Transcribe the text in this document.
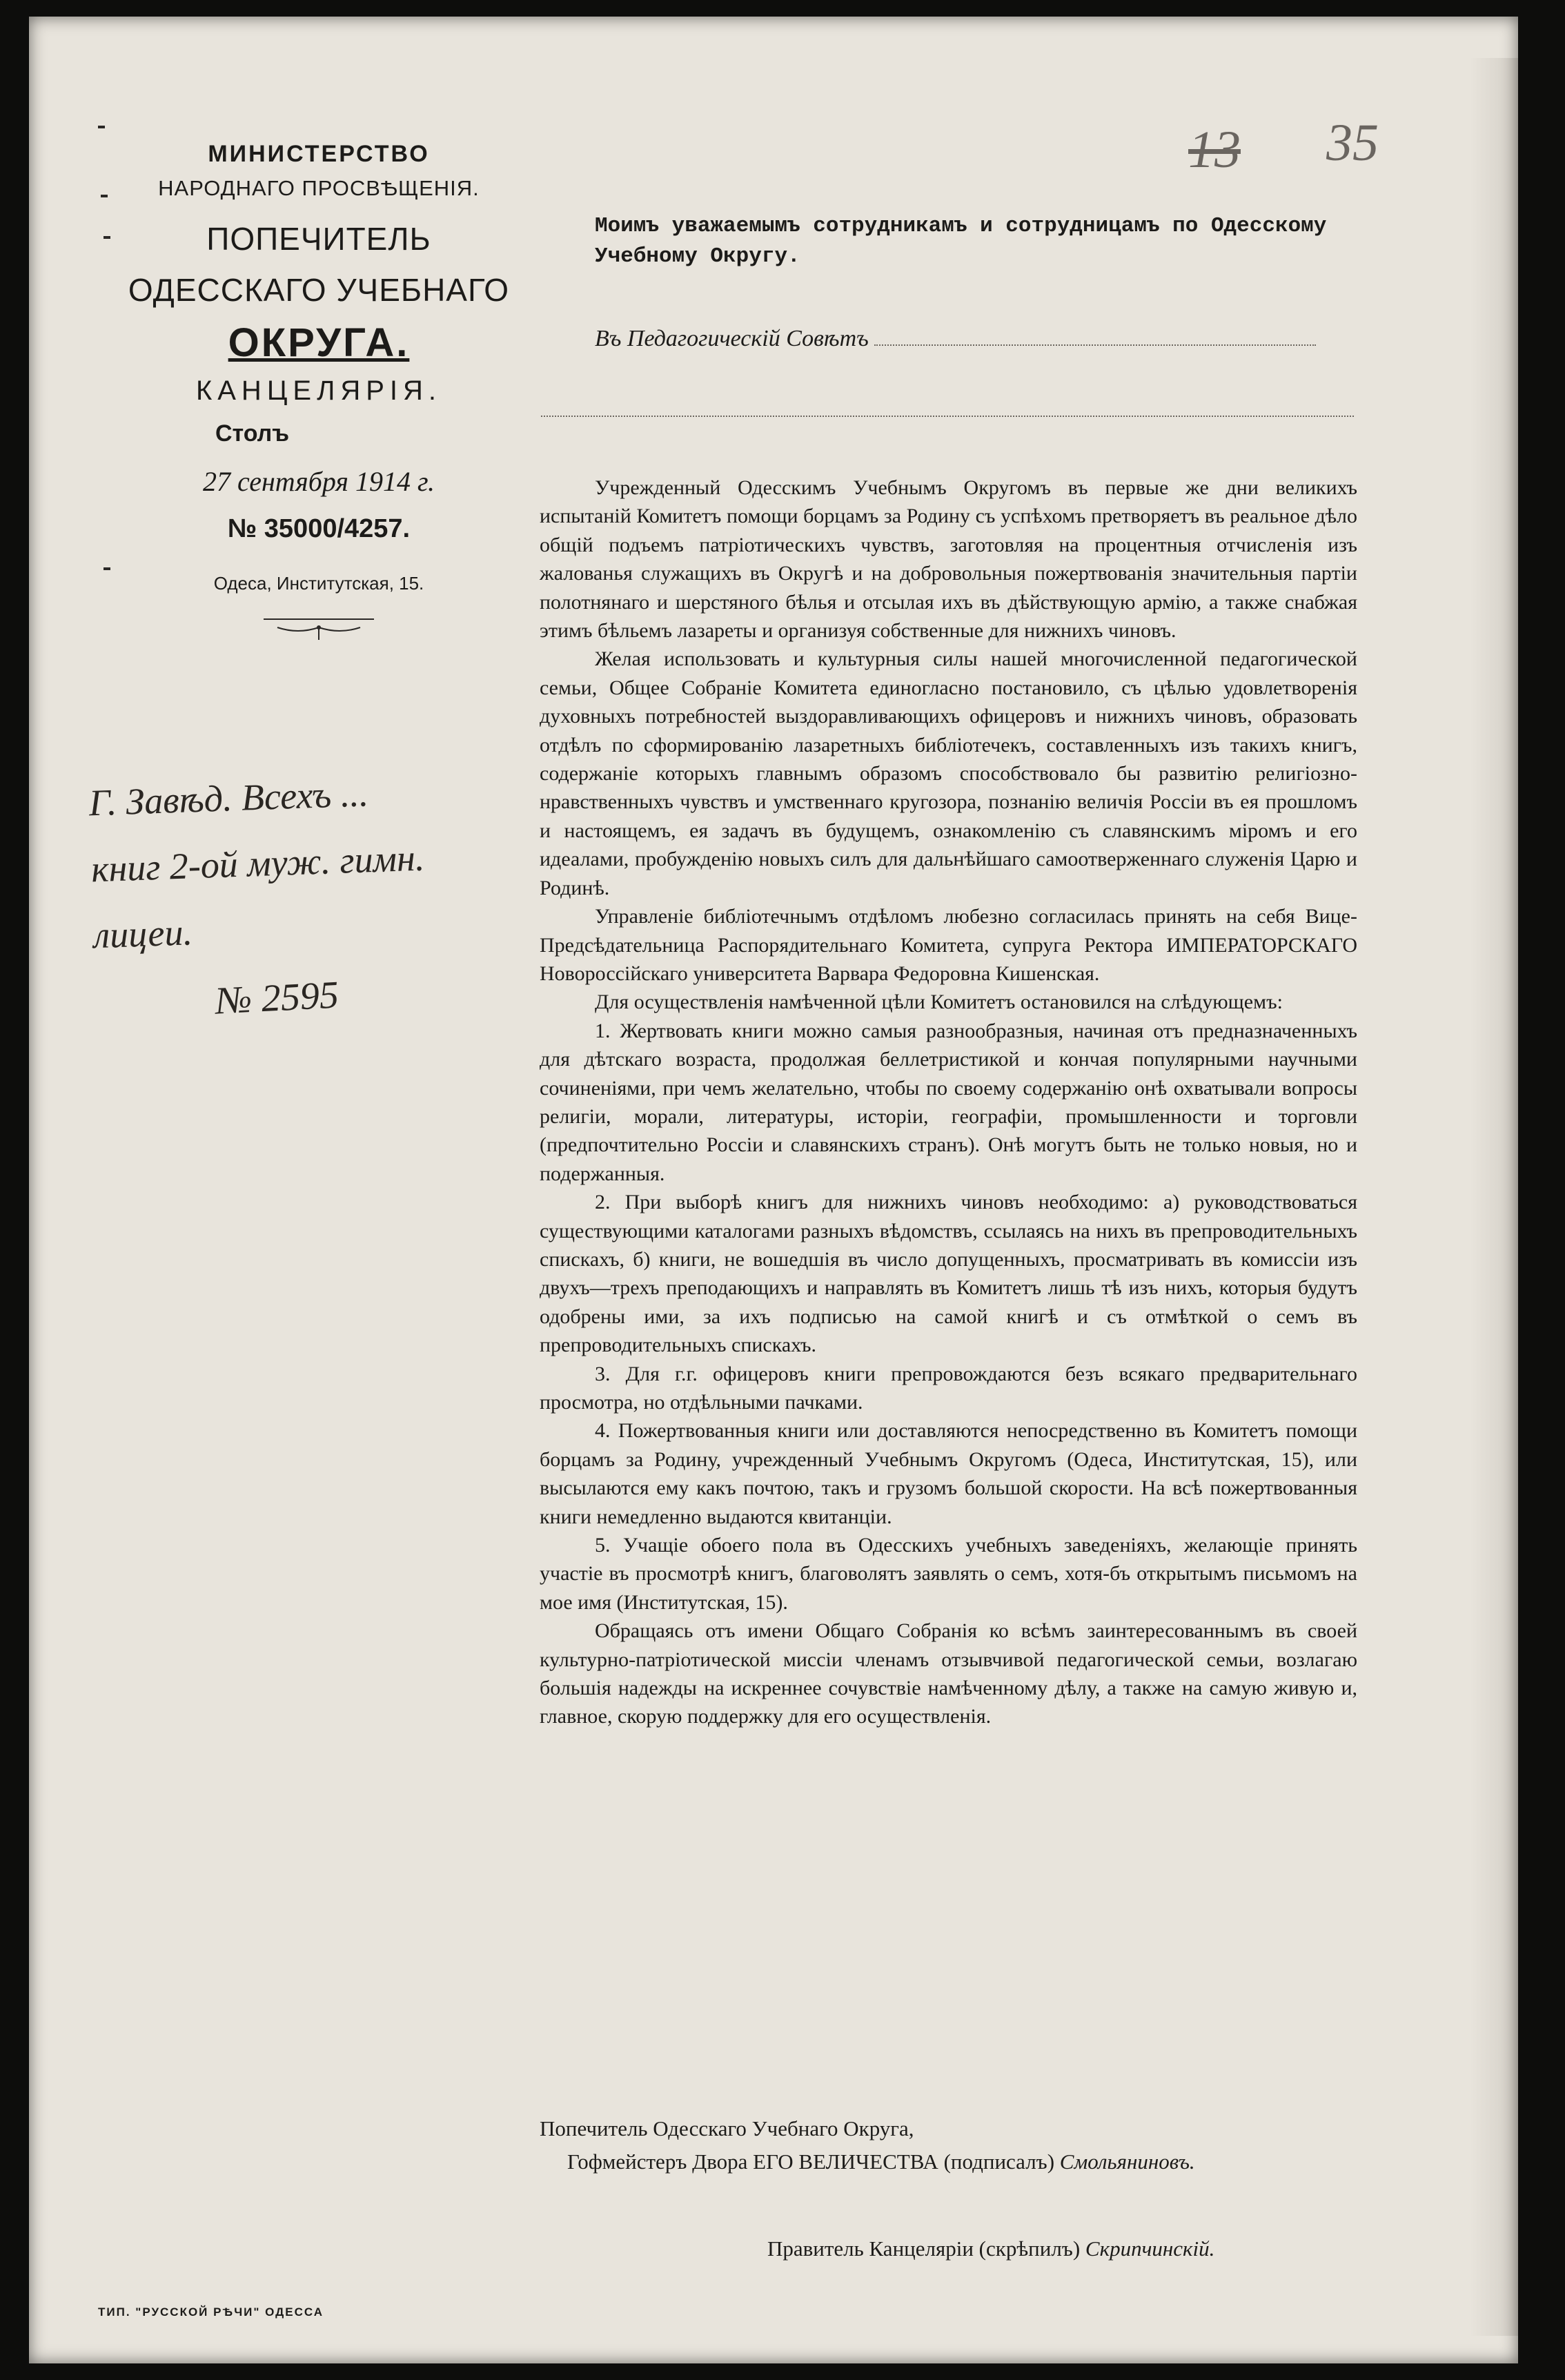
МИНИСТЕРСТВО
НАРОДНАГО ПРОСВѢЩЕНІЯ.
ПОПЕЧИТЕЛЬ
ОДЕССКАГО УЧЕБНАГО
ОКРУГА.
КАНЦЕЛЯРІЯ.
Столъ
27 сентября 1914 г.
№ 35000/4257.
Одеса, Институтская, 15.
Г. Завѣд. Всехъ ...
книг 2-ой муж. гимн.
лицеи.
№ 2595
13 35
Моимъ уважаемымъ сотрудникамъ и сотрудницамъ по Одесскому Учебному Округу.
Въ Педагогическій Совѣтъ

Учрежденный Одесскимъ Учебнымъ Округомъ въ первые же дни великихъ испытаній Комитетъ помощи борцамъ за Родину съ успѣхомъ претворяетъ въ реальное дѣло общій подъемъ патріотическихъ чувствъ, заготовляя на процентныя отчисленія изъ жалованья служащихъ въ Округѣ и на добровольныя пожертвованія значительныя партіи полотнянаго и шерстяного бѣлья и отсылая ихъ въ дѣйствующую армію, а также снабжая этимъ бѣльемъ лазареты и организуя собственные для нижнихъ чиновъ.

Желая использовать и культурныя силы нашей многочисленной педагогической семьи, Общее Собраніе Комитета единогласно постановило, съ цѣлью удовлетворенія духовныхъ потребностей выздоравливающихъ офицеровъ и нижнихъ чиновъ, образовать отдѣлъ по сформированію лазаретныхъ библіотечекъ, составленныхъ изъ такихъ книгъ, содержаніе которыхъ главнымъ образомъ способствовало бы развитію религіозно-нравственныхъ чувствъ и умственнаго кругозора, познанію величія Россіи въ ея прошломъ и настоящемъ, ея задачъ въ будущемъ, ознакомленію съ славянскимъ міромъ и его идеалами, пробужденію новыхъ силъ для дальнѣйшаго самоотверженнаго служенія Царю и Родинѣ.

Управленіе библіотечнымъ отдѣломъ любезно согласилась принять на себя Вице-Предсѣдательница Распорядительнаго Комитета, супруга Ректора ИМПЕРАТОРСКАГО Новороссійскаго университета Варвара Федоровна Кишенская.

Для осуществленія намѣченной цѣли Комитетъ остановился на слѣдующемъ:

1. Жертвовать книги можно самыя разнообразныя, начиная отъ предназначенныхъ для дѣтскаго возраста, продолжая беллетристикой и кончая популярными научными сочиненіями, при чемъ желательно, чтобы по своему содержанію онѣ охватывали вопросы религіи, морали, литературы, исторіи, географіи, промышленности и торговли (предпочтительно Россіи и славянскихъ странъ). Онѣ могутъ быть не только новыя, но и подержанныя.

2. При выборѣ книгъ для нижнихъ чиновъ необходимо: а) руководствоваться существующими каталогами разныхъ вѣдомствъ, ссылаясь на нихъ въ препроводительныхъ спискахъ, б) книги, не вошедшія въ число допущенныхъ, просматривать въ комиссіи изъ двухъ—трехъ преподающихъ и направлять въ Комитетъ лишь тѣ изъ нихъ, которыя будутъ одобрены ими, за ихъ подписью на самой книгѣ и съ отмѣткой о семъ въ препроводительныхъ спискахъ.

3. Для г.г. офицеровъ книги препровождаются безъ всякаго предварительнаго просмотра, но отдѣльными пачками.

4. Пожертвованныя книги или доставляются непосредственно въ Комитетъ помощи борцамъ за Родину, учрежденный Учебнымъ Округомъ (Одеса, Институтская, 15), или высылаются ему какъ почтою, такъ и грузомъ большой скорости. На всѣ пожертвованныя книги немедленно выдаются квитанціи.

5. Учащіе обоего пола въ Одесскихъ учебныхъ заведеніяхъ, желающіе принять участіе въ просмотрѣ книгъ, благоволятъ заявлять о семъ, хотя-бъ открытымъ письмомъ на мое имя (Институтская, 15).

Обращаясь отъ имени Общаго Собранія ко всѣмъ заинтересованнымъ въ своей культурно-патріотической миссіи членамъ отзывчивой педагогической семьи, возлагаю большія надежды на искреннее сочувствіе намѣченному дѣлу, а также на самую живую и, главное, скорую поддержку для его осуществленія.

Попечитель Одесскаго Учебнаго Округа,
Гофмейстеръ Двора ЕГО ВЕЛИЧЕСТВА (подписалъ) Смольяниновъ.
Правитель Канцеляріи (скрѣпилъ) Скрипчинскій.
ТИП. "РУССКОЙ РѢЧИ" ОДЕССА
